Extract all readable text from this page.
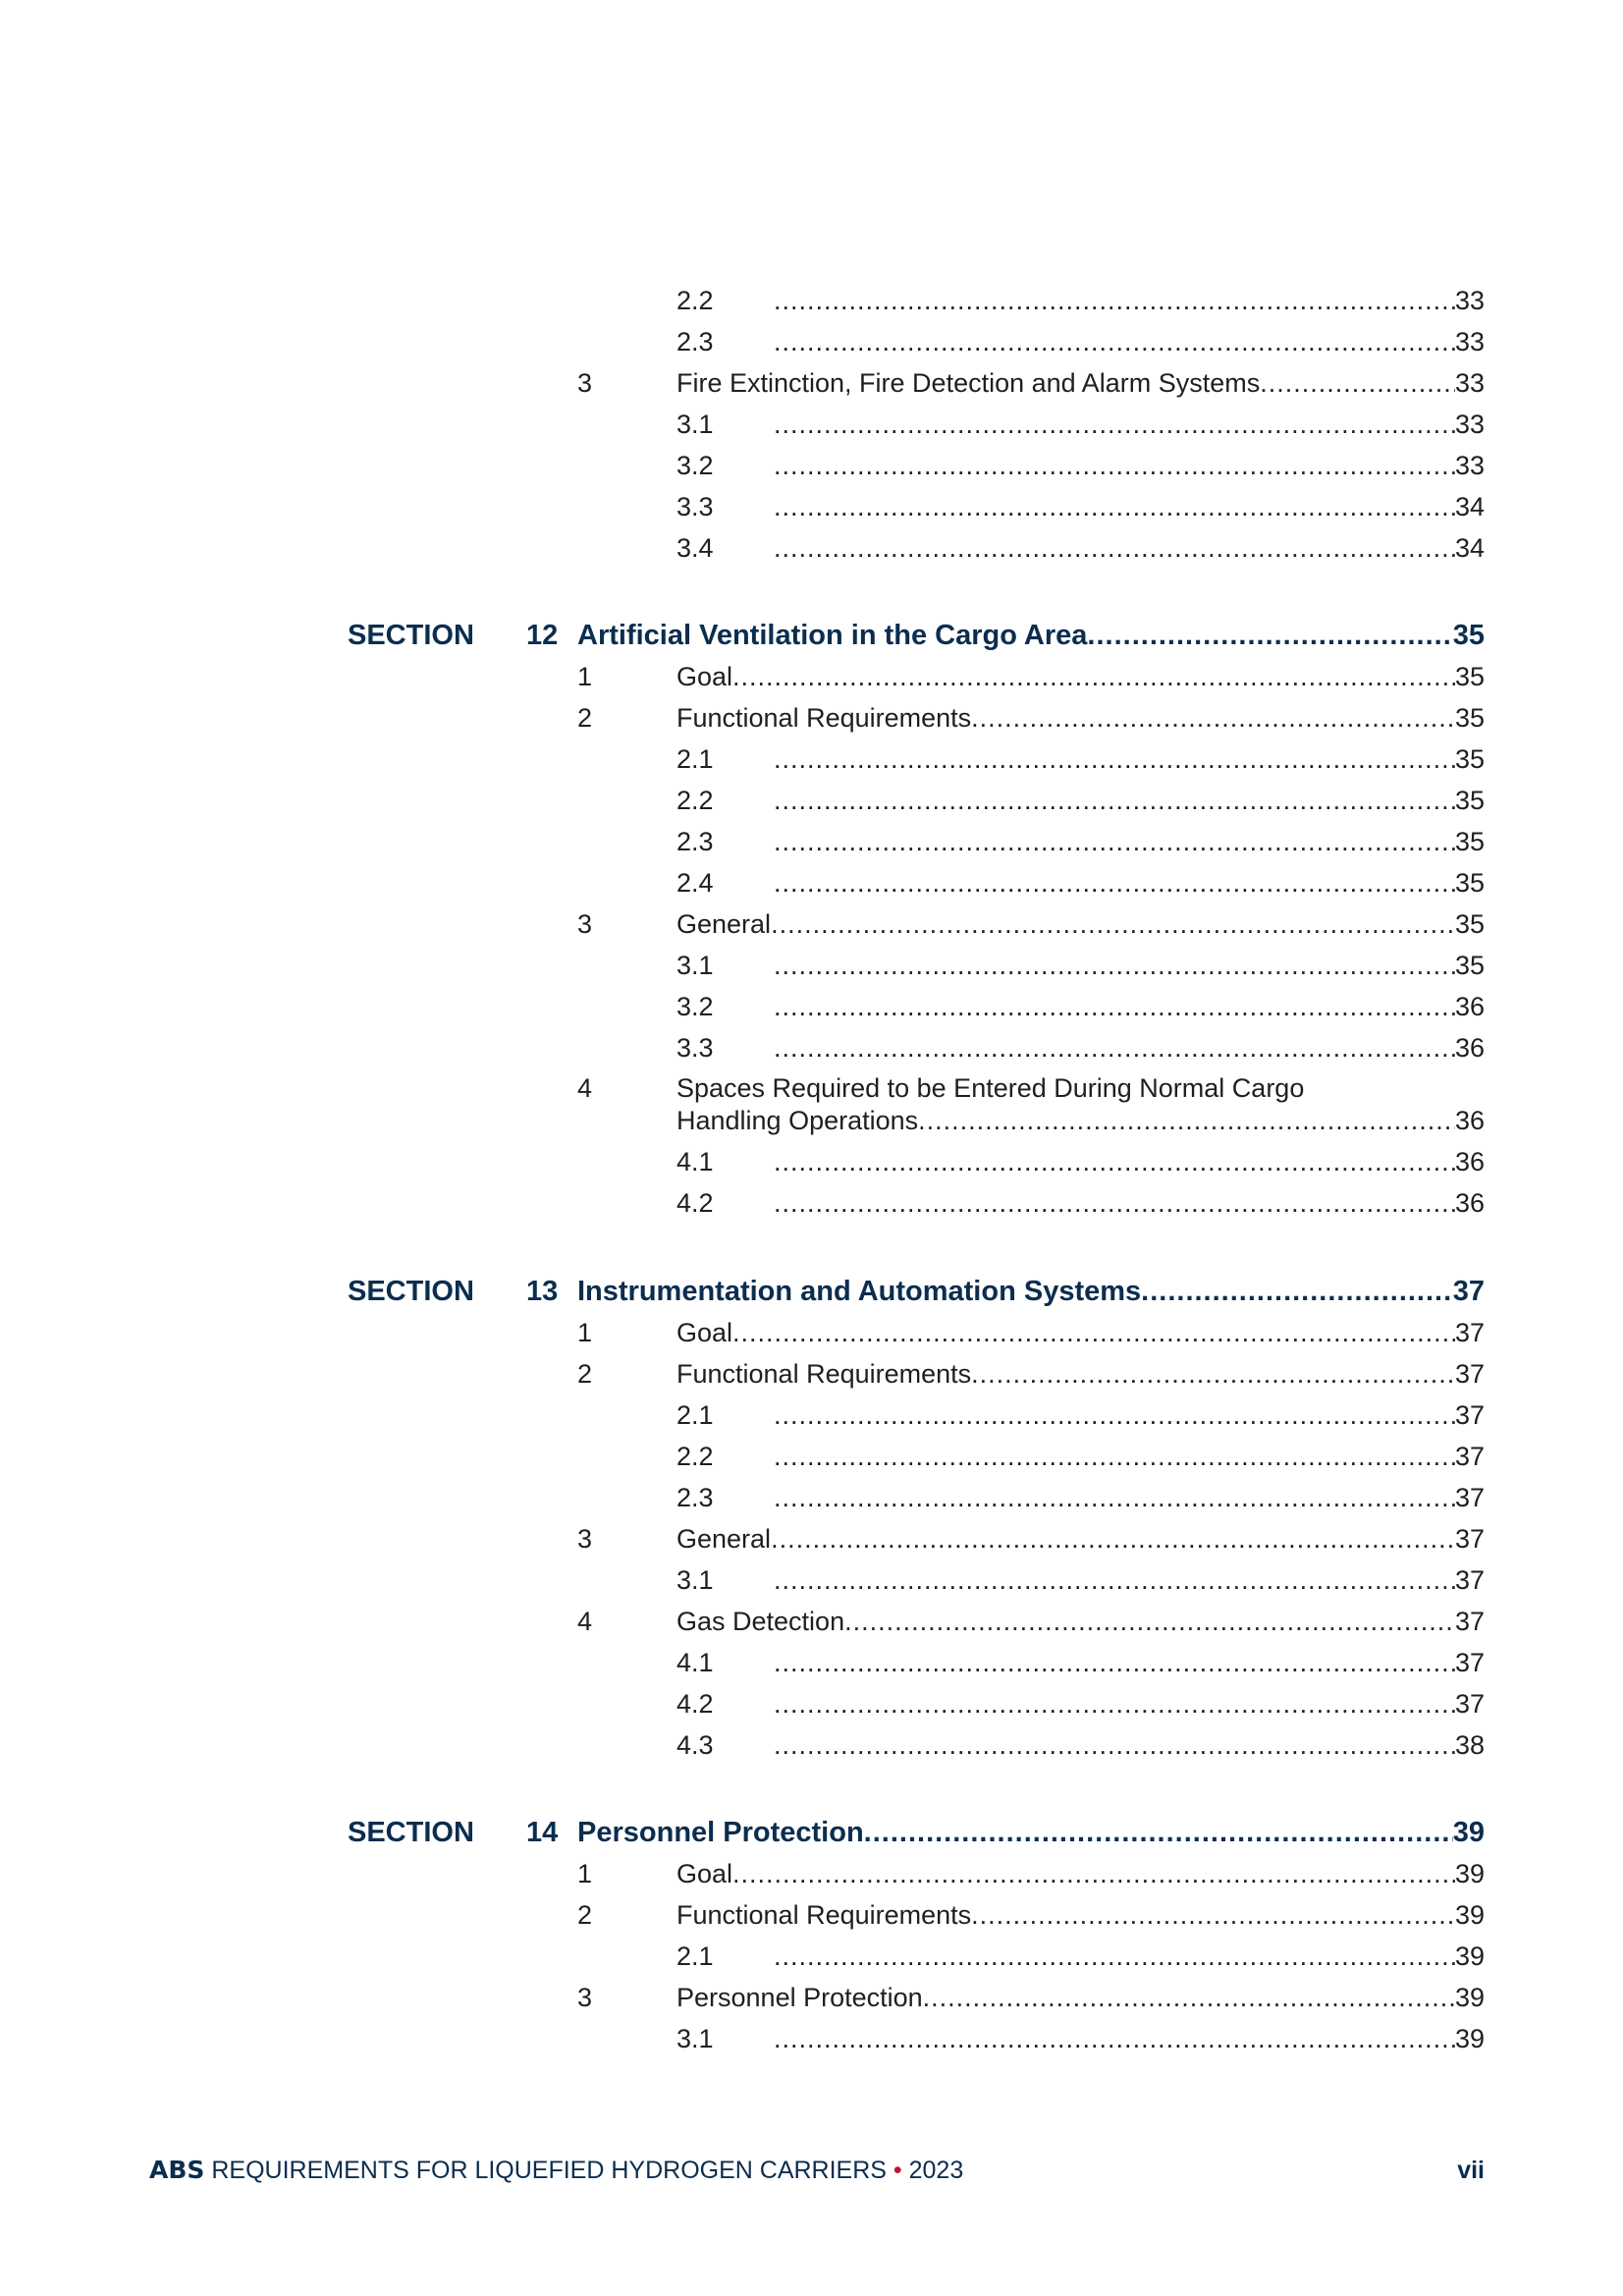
2.2 .....	33
2.3 .....	33
3	Fire Extinction, Fire Detection and Alarm Systems .....	33
3.1 .....	33
3.2 .....	33
3.3 .....	34
3.4 .....	34
SECTION 12 Artificial Ventilation in the Cargo Area .....	35
1	Goal .....	35
2	Functional Requirements .....	35
2.1 .....	35
2.2 .....	35
2.3 .....	35
2.4 .....	35
3	General .....	35
3.1 .....	35
3.2 .....	36
3.3 .....	36
4	Spaces Required to be Entered During Normal Cargo
Handling Operations .....	36
4.1 .....	36
4.2 .....	36
SECTION 13 Instrumentation and Automation Systems .....	37
1	Goal .....	37
2	Functional Requirements .....	37
2.1 .....	37
2.2 .....	37
2.3 .....	37
3	General .....	37
3.1 .....	37
4	Gas Detection .....	37
4.1 .....	37
4.2 .....	37
4.3 .....	38
SECTION 14 Personnel Protection .....	39
1	Goal .....	39
2	Functional Requirements .....	39
2.1 .....	39
3	Personnel Protection .....	39
3.1 .....	39
ABS REQUIREMENTS FOR LIQUEFIED HYDROGEN CARRIERS • 2023	vii
